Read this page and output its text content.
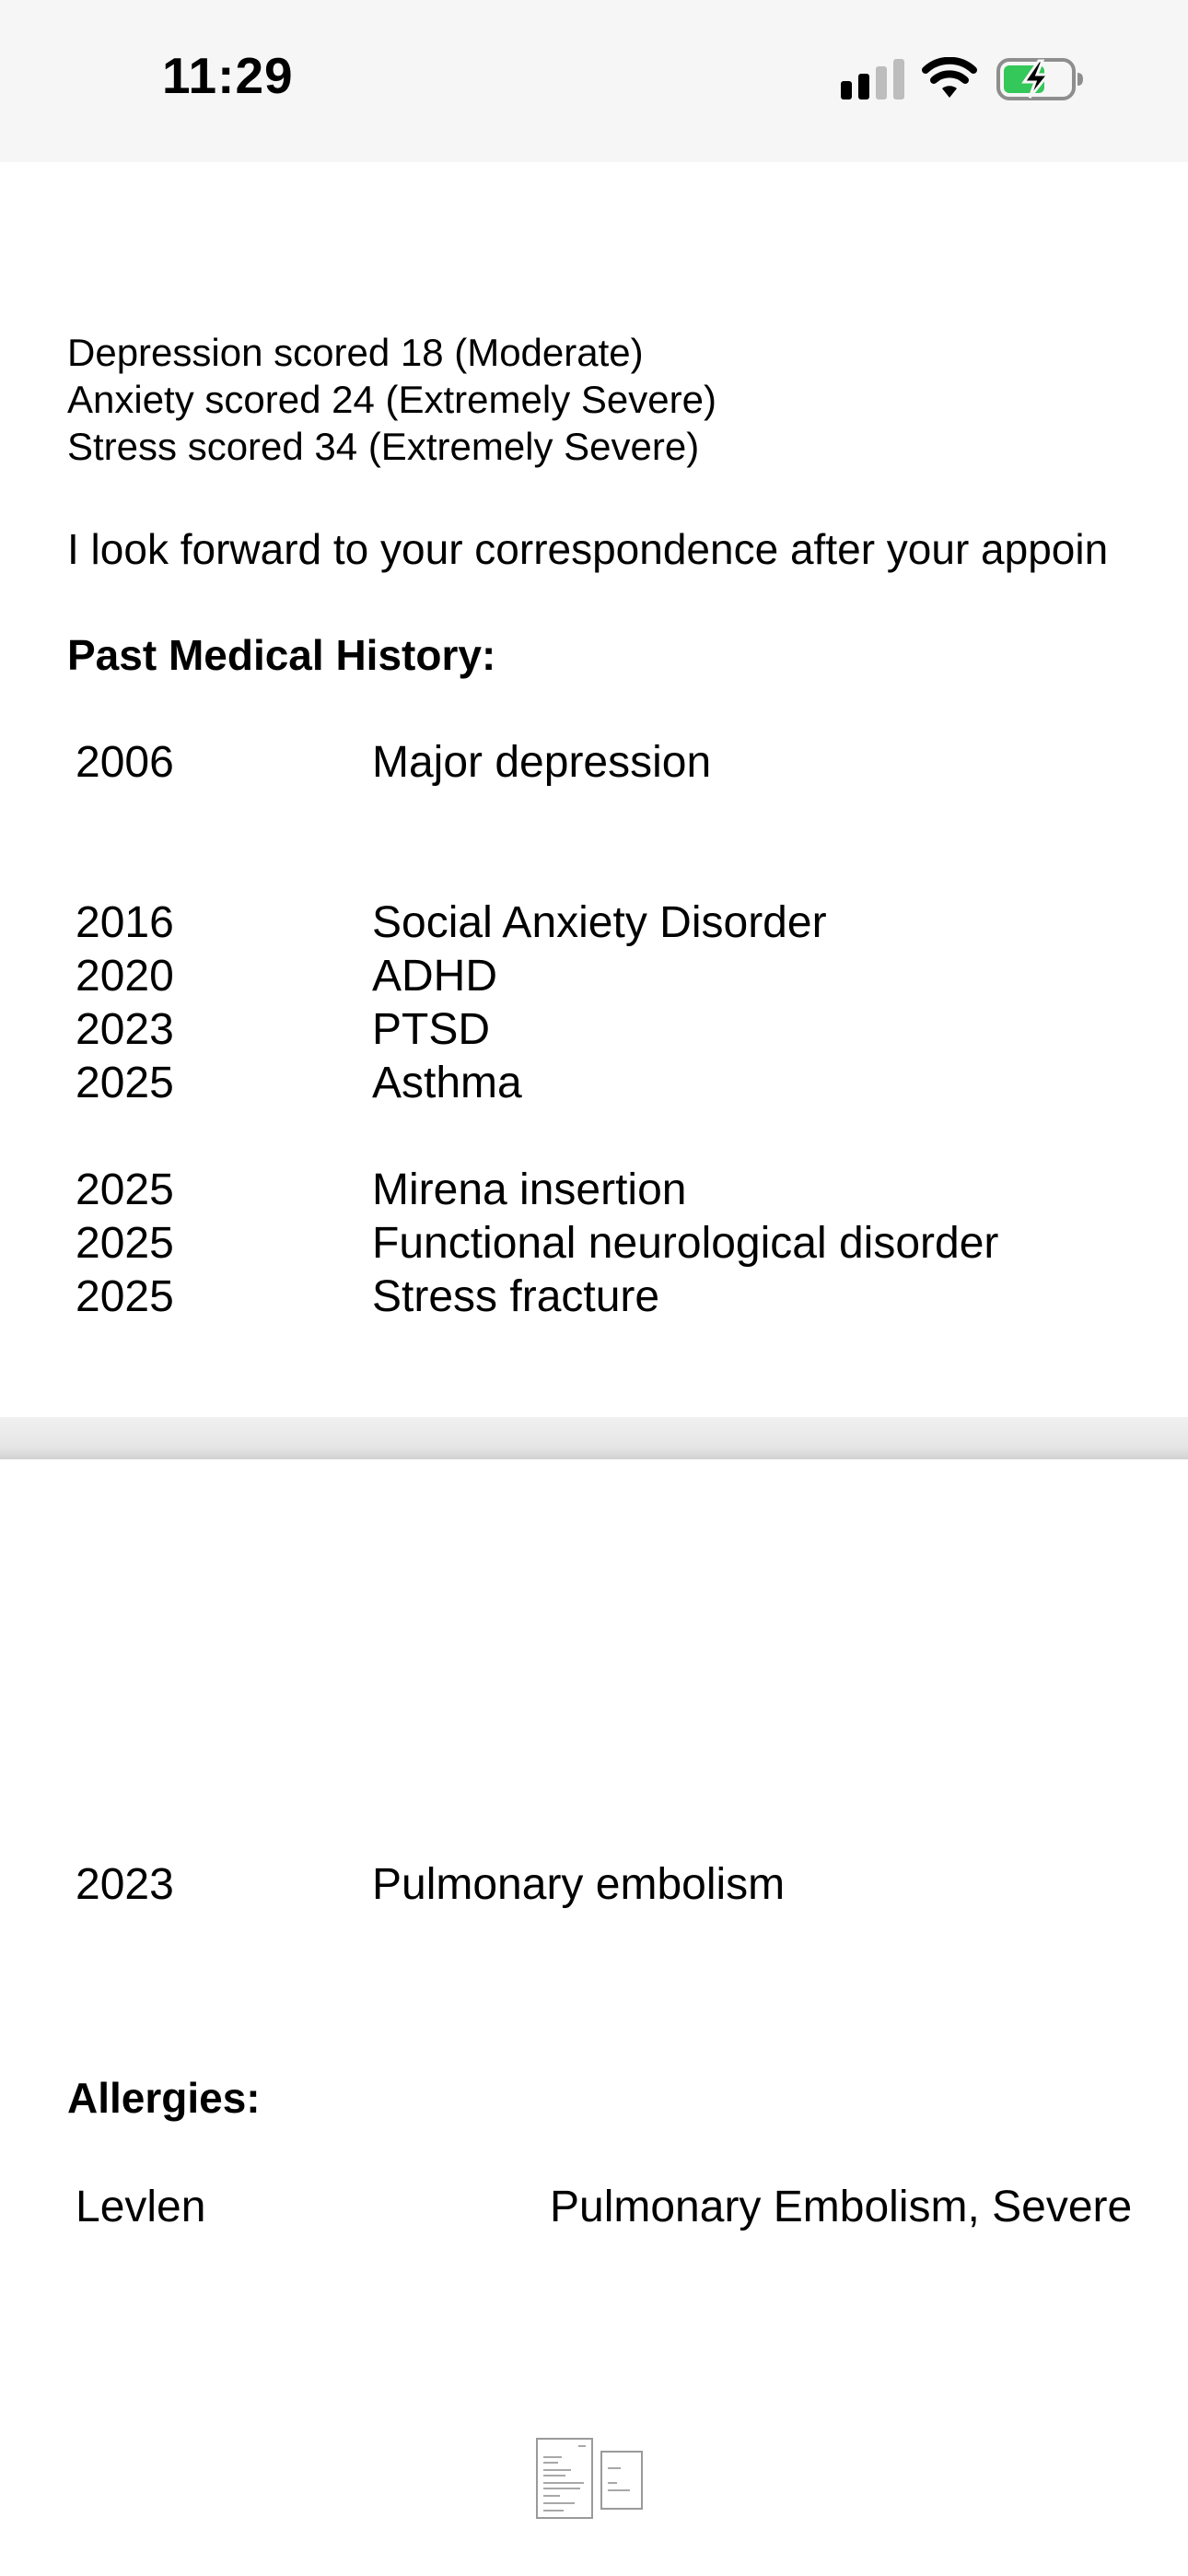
11:29
Depression scored 18 (Moderate)
Anxiety scored 24 (Extremely Severe)
Stress scored 34 (Extremely Severe)
I look forward to your correspondence after your appoin
Past Medical History:
2006	Major depression
2016	Social Anxiety Disorder
2020	ADHD
2023	PTSD
2025	Asthma
2025	Mirena insertion
2025	Functional neurological disorder
2025	Stress fracture
2023	Pulmonary embolism
Allergies:
Levlen	Pulmonary Embolism, Severe
